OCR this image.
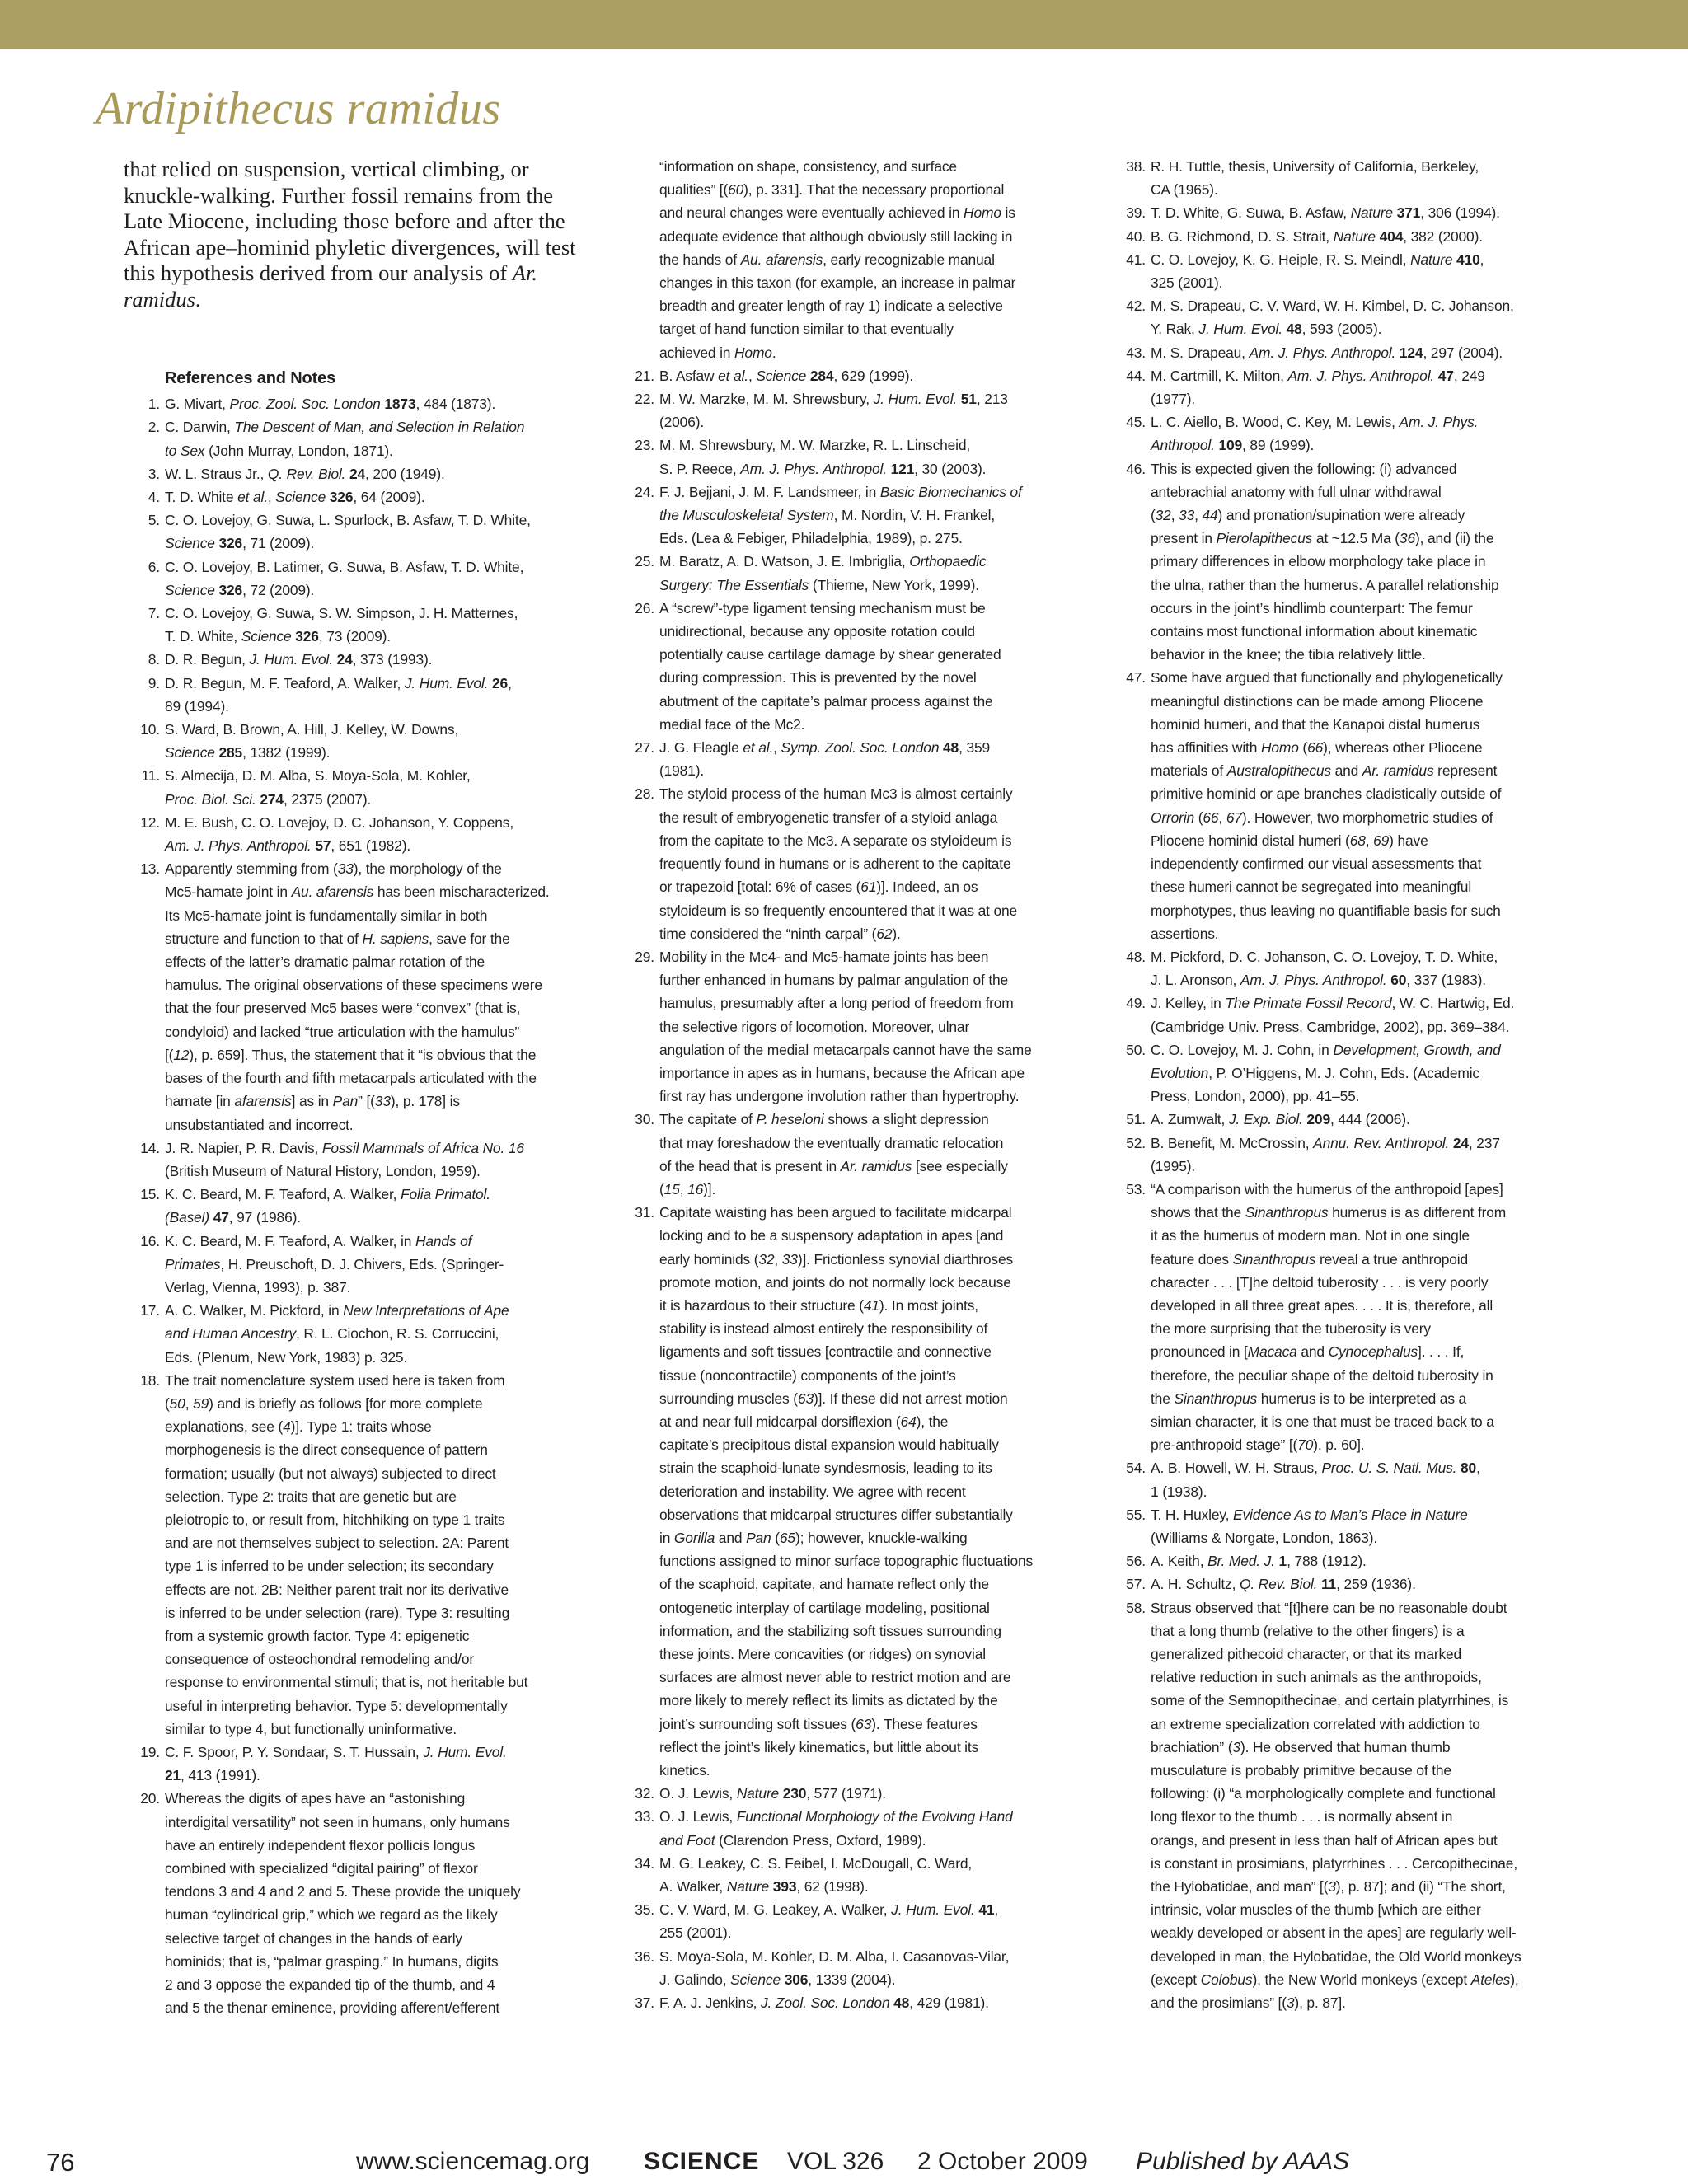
Ardipithecus ramidus
that relied on suspension, vertical climbing, or knuckle-walking. Further fossil remains from the Late Miocene, including those before and after the African ape–hominid phyletic divergences, will test this hypothesis derived from our analysis of Ar. ramidus.
References and Notes
1. G. Mivart, Proc. Zool. Soc. London 1873, 484 (1873).
2. C. Darwin, The Descent of Man, and Selection in Relation
to Sex (John Murray, London, 1871).
3. W. L. Straus Jr., Q. Rev. Biol. 24, 200 (1949).
4. T. D. White et al., Science 326, 64 (2009).
5. C. O. Lovejoy, G. Suwa, L. Spurlock, B. Asfaw, T. D. White,
Science 326, 71 (2009).
6. C. O. Lovejoy, B. Latimer, G. Suwa, B. Asfaw, T. D. White,
Science 326, 72 (2009).
7. C. O. Lovejoy, G. Suwa, S. W. Simpson, J. H. Matternes,
T. D. White, Science 326, 73 (2009).
8. D. R. Begun, J. Hum. Evol. 24, 373 (1993).
9. D. R. Begun, M. F. Teaford, A. Walker, J. Hum. Evol. 26,
89 (1994).
10. S. Ward, B. Brown, A. Hill, J. Kelley, W. Downs,
Science 285, 1382 (1999).
11. S. Almecija, D. M. Alba, S. Moya-Sola, M. Kohler,
Proc. Biol. Sci. 274, 2375 (2007).
12. M. E. Bush, C. O. Lovejoy, D. C. Johanson, Y. Coppens,
Am. J. Phys. Anthropol. 57, 651 (1982).
13. Apparently stemming from (33), the morphology of the
Mc5-hamate joint in Au. afarensis has been mischaracterized.
Its Mc5-hamate joint is fundamentally similar in both
structure and function to that of H. sapiens, save for the
effects of the latter’s dramatic palmar rotation of the
hamulus. The original observations of these specimens were
that the four preserved Mc5 bases were “convex” (that is,
condyloid) and lacked “true articulation with the hamulus”
[(12), p. 659]. Thus, the statement that it “is obvious that the
bases of the fourth and fifth metacarpals articulated with the
hamate [in afarensis] as in Pan” [(33), p. 178] is
unsubstantiated and incorrect.
14. J. R. Napier, P. R. Davis, Fossil Mammals of Africa No. 16
(British Museum of Natural History, London, 1959).
15. K. C. Beard, M. F. Teaford, A. Walker, Folia Primatol.
(Basel) 47, 97 (1986).
16. K. C. Beard, M. F. Teaford, A. Walker, in Hands of
Primates, H. Preuschoft, D. J. Chivers, Eds. (Springer-
Verlag, Vienna, 1993), p. 387.
17. A. C. Walker, M. Pickford, in New Interpretations of Ape
and Human Ancestry, R. L. Ciochon, R. S. Corruccini,
Eds. (Plenum, New York, 1983) p. 325.
18. The trait nomenclature system used here is taken from
(50, 59) and is briefly as follows [for more complete
explanations, see (4)]. Type 1: traits whose
morphogenesis is the direct consequence of pattern
formation; usually (but not always) subjected to direct
selection. Type 2: traits that are genetic but are
pleiotropic to, or result from, hitchhiking on type 1 traits
and are not themselves subject to selection. 2A: Parent
type 1 is inferred to be under selection; its secondary
effects are not. 2B: Neither parent trait nor its derivative
is inferred to be under selection (rare). Type 3: resulting
from a systemic growth factor. Type 4: epigenetic
consequence of osteochondral remodeling and/or
response to environmental stimuli; that is, not heritable but
useful in interpreting behavior. Type 5: developmentally
similar to type 4, but functionally uninformative.
19. C. F. Spoor, P. Y. Sondaar, S. T. Hussain, J. Hum. Evol.
21, 413 (1991).
20. Whereas the digits of apes have an “astonishing
interdigital versatility” not seen in humans, only humans
have an entirely independent flexor pollicis longus
combined with specialized “digital pairing” of flexor
tendons 3 and 4 and 2 and 5. These provide the uniquely
human “cylindrical grip,” which we regard as the likely
selective target of changes in the hands of early
hominids; that is, “palmar grasping.” In humans, digits
2 and 3 oppose the expanded tip of the thumb, and 4
and 5 the thenar eminence, providing afferent/efferent
“information on shape, consistency, and surface
qualities” [(60), p. 331]. That the necessary proportional
and neural changes were eventually achieved in Homo is
adequate evidence that although obviously still lacking in
the hands of Au. afarensis, early recognizable manual
changes in this taxon (for example, an increase in palmar
breadth and greater length of ray 1) indicate a selective
target of hand function similar to that eventually
achieved in Homo.
21. B. Asfaw et al., Science 284, 629 (1999).
22. M. W. Marzke, M. M. Shrewsbury, J. Hum. Evol. 51, 213
(2006).
23. M. M. Shrewsbury, M. W. Marzke, R. L. Linscheid,
S. P. Reece, Am. J. Phys. Anthropol. 121, 30 (2003).
24. F. J. Bejjani, J. M. F. Landsmeer, in Basic Biomechanics of
the Musculoskeletal System, M. Nordin, V. H. Frankel,
Eds. (Lea & Febiger, Philadelphia, 1989), p. 275.
25. M. Baratz, A. D. Watson, J. E. Imbriglia, Orthopaedic
Surgery: The Essentials (Thieme, New York, 1999).
26. A “screw”-type ligament tensing mechanism must be
unidirectional, because any opposite rotation could
potentially cause cartilage damage by shear generated
during compression. This is prevented by the novel
abutment of the capitate’s palmar process against the
medial face of the Mc2.
27. J. G. Fleagle et al., Symp. Zool. Soc. London 48, 359
(1981).
28. The styloid process of the human Mc3 is almost certainly
the result of embryogenetic transfer of a styloid anlaga
from the capitate to the Mc3. A separate os styloideum is
frequently found in humans or is adherent to the capitate
or trapezoid [total: 6% of cases (61)]. Indeed, an os
styloideum is so frequently encountered that it was at one
time considered the “ninth carpal” (62).
29. Mobility in the Mc4- and Mc5-hamate joints has been
further enhanced in humans by palmar angulation of the
hamulus, presumably after a long period of freedom from
the selective rigors of locomotion. Moreover, ulnar
angulation of the medial metacarpals cannot have the same
importance in apes as in humans, because the African ape
first ray has undergone involution rather than hypertrophy.
30. The capitate of P. heseloni shows a slight depression
that may foreshadow the eventually dramatic relocation
of the head that is present in Ar. ramidus [see especially
(15, 16)].
31. Capitate waisting has been argued to facilitate midcarpal
locking and to be a suspensory adaptation in apes [and
early hominids (32, 33)]. Frictionless synovial diarthroses
promote motion, and joints do not normally lock because
it is hazardous to their structure (41). In most joints,
stability is instead almost entirely the responsibility of
ligaments and soft tissues [contractile and connective
tissue (noncontractile) components of the joint’s
surrounding muscles (63)]. If these did not arrest motion
at and near full midcarpal dorsiflexion (64), the
capitate’s precipitous distal expansion would habitually
strain the scaphoid-lunate syndesmosis, leading to its
deterioration and instability. We agree with recent
observations that midcarpal structures differ substantially
in Gorilla and Pan (65); however, knuckle-walking
functions assigned to minor surface topographic fluctuations
of the scaphoid, capitate, and hamate reflect only the
ontogenetic interplay of cartilage modeling, positional
information, and the stabilizing soft tissues surrounding
these joints. Mere concavities (or ridges) on synovial
surfaces are almost never able to restrict motion and are
more likely to merely reflect its limits as dictated by the
joint’s surrounding soft tissues (63). These features
reflect the joint’s likely kinematics, but little about its
kinetics.
32. O. J. Lewis, Nature 230, 577 (1971).
33. O. J. Lewis, Functional Morphology of the Evolving Hand
and Foot (Clarendon Press, Oxford, 1989).
34. M. G. Leakey, C. S. Feibel, I. McDougall, C. Ward,
A. Walker, Nature 393, 62 (1998).
35. C. V. Ward, M. G. Leakey, A. Walker, J. Hum. Evol. 41,
255 (2001).
36. S. Moya-Sola, M. Kohler, D. M. Alba, I. Casanovas-Vilar,
J. Galindo, Science 306, 1339 (2004).
37. F. A. J. Jenkins, J. Zool. Soc. London 48, 429 (1981).
38. R. H. Tuttle, thesis, University of California, Berkeley,
CA (1965).
39. T. D. White, G. Suwa, B. Asfaw, Nature 371, 306 (1994).
40. B. G. Richmond, D. S. Strait, Nature 404, 382 (2000).
41. C. O. Lovejoy, K. G. Heiple, R. S. Meindl, Nature 410,
325 (2001).
42. M. S. Drapeau, C. V. Ward, W. H. Kimbel, D. C. Johanson,
Y. Rak, J. Hum. Evol. 48, 593 (2005).
43. M. S. Drapeau, Am. J. Phys. Anthropol. 124, 297 (2004).
44. M. Cartmill, K. Milton, Am. J. Phys. Anthropol. 47, 249
(1977).
45. L. C. Aiello, B. Wood, C. Key, M. Lewis, Am. J. Phys.
Anthropol. 109, 89 (1999).
46. This is expected given the following: (i) advanced
antebrachial anatomy with full ulnar withdrawal
(32, 33, 44) and pronation/supination were already
present in Pierolapithecus at ~12.5 Ma (36), and (ii) the
primary differences in elbow morphology take place in
the ulna, rather than the humerus. A parallel relationship
occurs in the joint’s hindlimb counterpart: The femur
contains most functional information about kinematic
behavior in the knee; the tibia relatively little.
47. Some have argued that functionally and phylogenetically
meaningful distinctions can be made among Pliocene
hominid humeri, and that the Kanapoi distal humerus
has affinities with Homo (66), whereas other Pliocene
materials of Australopithecus and Ar. ramidus represent
primitive hominid or ape branches cladistically outside of
Orrorin (66, 67). However, two morphometric studies of
Pliocene hominid distal humeri (68, 69) have
independently confirmed our visual assessments that
these humeri cannot be segregated into meaningful
morphotypes, thus leaving no quantifiable basis for such
assertions.
48. M. Pickford, D. C. Johanson, C. O. Lovejoy, T. D. White,
J. L. Aronson, Am. J. Phys. Anthropol. 60, 337 (1983).
49. J. Kelley, in The Primate Fossil Record, W. C. Hartwig, Ed.
(Cambridge Univ. Press, Cambridge, 2002), pp. 369–384.
50. C. O. Lovejoy, M. J. Cohn, in Development, Growth, and
Evolution, P. O’Higgens, M. J. Cohn, Eds. (Academic
Press, London, 2000), pp. 41–55.
51. A. Zumwalt, J. Exp. Biol. 209, 444 (2006).
52. B. Benefit, M. McCrossin, Annu. Rev. Anthropol. 24, 237
(1995).
53. “A comparison with the humerus of the anthropoid [apes]
shows that the Sinanthropus humerus is as different from
it as the humerus of modern man. Not in one single
feature does Sinanthropus reveal a true anthropoid
character . . . [T]he deltoid tuberosity . . . is very poorly
developed in all three great apes. . . . It is, therefore, all
the more surprising that the tuberosity is very
pronounced in [Macaca and Cynocephalus]. . . . If,
therefore, the peculiar shape of the deltoid tuberosity in
the Sinanthropus humerus is to be interpreted as a
simian character, it is one that must be traced back to a
pre-anthropoid stage” [(70), p. 60].
54. A. B. Howell, W. H. Straus, Proc. U. S. Natl. Mus. 80,
1 (1938).
55. T. H. Huxley, Evidence As to Man’s Place in Nature
(Williams & Norgate, London, 1863).
56. A. Keith, Br. Med. J. 1, 788 (1912).
57. A. H. Schultz, Q. Rev. Biol. 11, 259 (1936).
58. Straus observed that “[t]here can be no reasonable doubt
that a long thumb (relative to the other fingers) is a
generalized pithecoid character, or that its marked
relative reduction in such animals as the anthropoids,
some of the Semnopithecinae, and certain platyrrhines, is
an extreme specialization correlated with addiction to
brachiation” (3). He observed that human thumb
musculature is probably primitive because of the
following: (i) “a morphologically complete and functional
long flexor to the thumb . . . is normally absent in
orangs, and present in less than half of African apes but
is constant in prosimians, platyrrhines . . . Cercopithecinae,
the Hylobatidae, and man” [(3), p. 87]; and (ii) “The short,
intrinsic, volar muscles of the thumb [which are either
weakly developed or absent in the apes] are regularly well-
developed in man, the Hylobatidae, the Old World monkeys
(except Colobus), the New World monkeys (except Ateles),
and the prosimians” [(3), p. 87].
76	www.sciencemag.org SCIENCE VOL 326 2 October 2009 Published by AAAS
